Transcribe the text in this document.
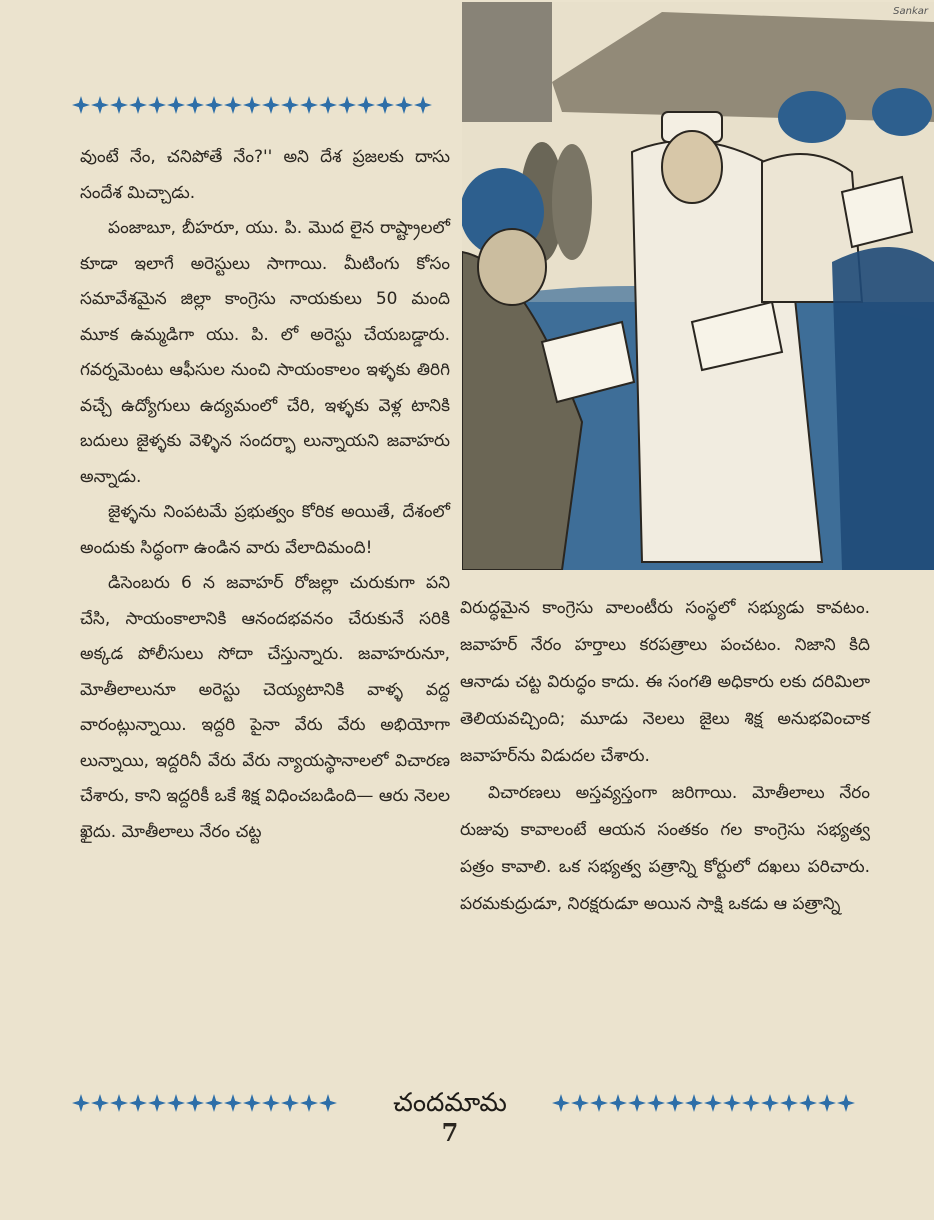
వుంటే నేం, చనిపోతే నేం?'' అని దేశ ప్రజలకు దాసు సందేశ మిచ్చాడు.

పంజాబూ, బీహరూ, యు. పి. మొద లైన రాష్ట్రాలలో కూడా ఇలాగే అరెస్టులు సాగాయి. మీటింగు కోసం సమావేశమైన జిల్లా కాంగ్రెసు నాయకులు 50 మంది మూక ఉమ్మడిగా యు. పి. లో అరెస్టు చేయబడ్డారు. గవర్నమెంటు ఆఫీసుల నుంచి సాయంకాలం ఇళ్ళకు తిరిగి వచ్చే ఉద్యోగులు ఉద్యమంలో చేరి, ఇళ్ళకు వెళ్ల టానికి బదులు జైళ్ళకు వెళ్ళిన సందర్భా లున్నాయని జవాహరు అన్నాడు.

జైళ్ళను నింపటమే ప్రభుత్వం కోరిక అయితే, దేశంలో అందుకు సిద్ధంగా ఉండిన వారు వేలాదిమంది!

డిసెంబరు 6 న జవాహర్ రోజల్లా చురుకుగా పని చేసి, సాయంకాలానికి ఆనందభవనం చేరుకునే సరికి అక్కడ పోలీసులు సోదా చేస్తున్నారు. జవాహరునూ, మోతీలాలునూ అరెస్టు చెయ్యటానికి వాళ్ళ వద్ద వారంట్లున్నాయి. ఇద్దరి పైనా వేరు వేరు అభియోగా లున్నాయి, ఇద్దరినీ వేరు వేరు న్యాయస్థానాలలో విచారణ చేశారు, కాని ఇద్దరికీ ఒకే శిక్ష విధించబడింది— ఆరు నెలల ఖైదు. మోతీలాలు నేరం చట్ట

Sankar

విరుద్ధమైన కాంగ్రెసు వాలంటీరు సంస్థలో సభ్యుడు కావటం. జవాహర్ నేరం హర్తాలు కరపత్రాలు పంచటం. నిజాని కిది ఆనాడు చట్ట విరుద్ధం కాదు. ఈ సంగతి అధికారు లకు దరిమిలా తెలియవచ్చింది; మూడు నెలలు జైలు శిక్ష అనుభవించాక జవాహర్‌ను విడుదల చేశారు.

విచారణలు అస్తవ్యస్తంగా జరిగాయి. మోతీలాలు నేరం రుజువు కావాలంటే ఆయన సంతకం గల కాంగ్రెసు సభ్యత్వ పత్రం కావాలి. ఒక సభ్యత్వ పత్రాన్ని కోర్టులో దఖలు పరిచారు. పరమకుద్రుడూ, నిరక్షరుడూ అయిన సాక్షి ఒకడు ఆ పత్రాన్ని

చందమామ
7
